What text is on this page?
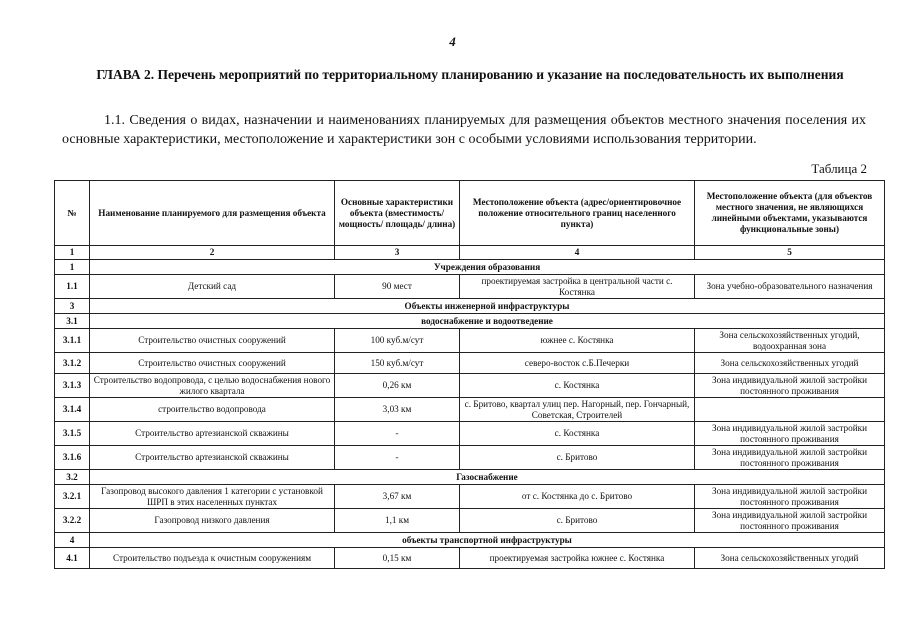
4
ГЛАВА 2. Перечень мероприятий по территориальному планированию и указание на последовательность их выполнения
1.1. Сведения о видах, назначении и наименованиях планируемых для размещения объектов местного значения поселения их основные характеристики, местоположение и характеристики зон с особыми условиями использования территории.
Таблица 2
№	Наименование планируемого для размещения объекта	Основные характеристики объекта (вместимость/ мощность/ площадь/ длина)	Местоположение объекта (адрес/ориентировочное положение относительного границ населенного пункта)	Местоположение объекта (для объектов местного значения, не являющихся линейными объектами, указываются функциональные зоны)
1	2	3	4	5
1	Учреждения образования			
1.1	Детский сад	90 мест	проектируемая застройка в центральной части с. Костянка	Зона учебно-образовательного назначения
3	Объекты инженерной инфраструктуры			
3.1	водоснабжение и водоотведение			
3.1.1	Строительство очистных сооружений	100 куб.м/сут	южнее с. Костянка	Зона сельскохозяйственных угодий, водоохранная зона
3.1.2	Строительство очистных сооружений	150 куб.м/сут	северо-восток с.Б.Печерки	Зона сельскохозяйственных угодий
3.1.3	Строительство водопровода, с целью водоснабжения нового жилого квартала	0,26 км	с. Костянка	Зона индивидуальной жилой застройки постоянного проживания
3.1.4	строительство водопровода	3,03 км	с. Бритово, квартал улиц пер. Нагорный, пер. Гончарный, Советская, Строителей	
3.1.5	Строительство артезианской скважины	-	с. Костянка	Зона индивидуальной жилой застройки постоянного проживания
3.1.6	Строительство артезианской скважины	-	с. Бритово	Зона индивидуальной жилой застройки постоянного проживания
3.2	Газоснабжение			
3.2.1	Газопровод высокого давления 1 категории с установкой ШРП в этих населенных пунктах	3,67 км	от с. Костянка до с. Бритово	Зона индивидуальной жилой застройки постоянного проживания
3.2.2	Газопровод низкого давления	1,1 км	с. Бритово	Зона индивидуальной жилой застройки постоянного проживания
4	объекты транспортной инфраструктуры			
4.1	Строительство подъезда к очистным сооружениям	0,15 км	проектируемая застройка южнее с. Костянка	Зона сельскохозяйственных угодий
